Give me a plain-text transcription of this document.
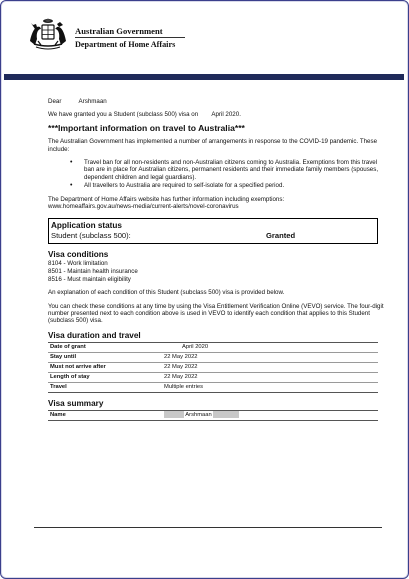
Australian Government
Department of Home Affairs

Dear	Arshmaan

We have granted you a Student (subclass 500) visa on April 2020.

***Important information on travel to Australia***

The Australian Government has implemented a number of arrangements in response to the COVID-19 pandemic. These include:

• Travel ban for all non-residents and non-Australian citizens coming to Australia. Exemptions from this travel ban are in place for Australian citizens, permanent residents and their immediate family members (spouses, dependent children and legal guardians).
• All travellers to Australia are required to self-isolate for a specified period.

The Department of Home Affairs website has further information including exemptions:
www.homeaffairs.gov.au/news-media/current-alerts/novel-coronavirus

Application status
Student (subclass 500):	Granted
Visa conditions
8104 - Work limitation
8501 - Maintain health insurance
8516 - Must maintain eligibility

An explanation of each condition of this Student (subclass 500) visa is provided below.

You can check these conditions at any time by using the Visa Entitlement Verification Online (VEVO) service. The four-digit number presented next to each condition above is used in VEVO to identify each condition that applies to this Student (subclass 500) visa.

Visa duration and travel
Date of grant	April 2020
Stay until	22 May 2022
Must not arrive after	22 May 2022
Length of stay	22 May 2022
Travel	Multiple entries
Visa summary
Name	Arshmaan
